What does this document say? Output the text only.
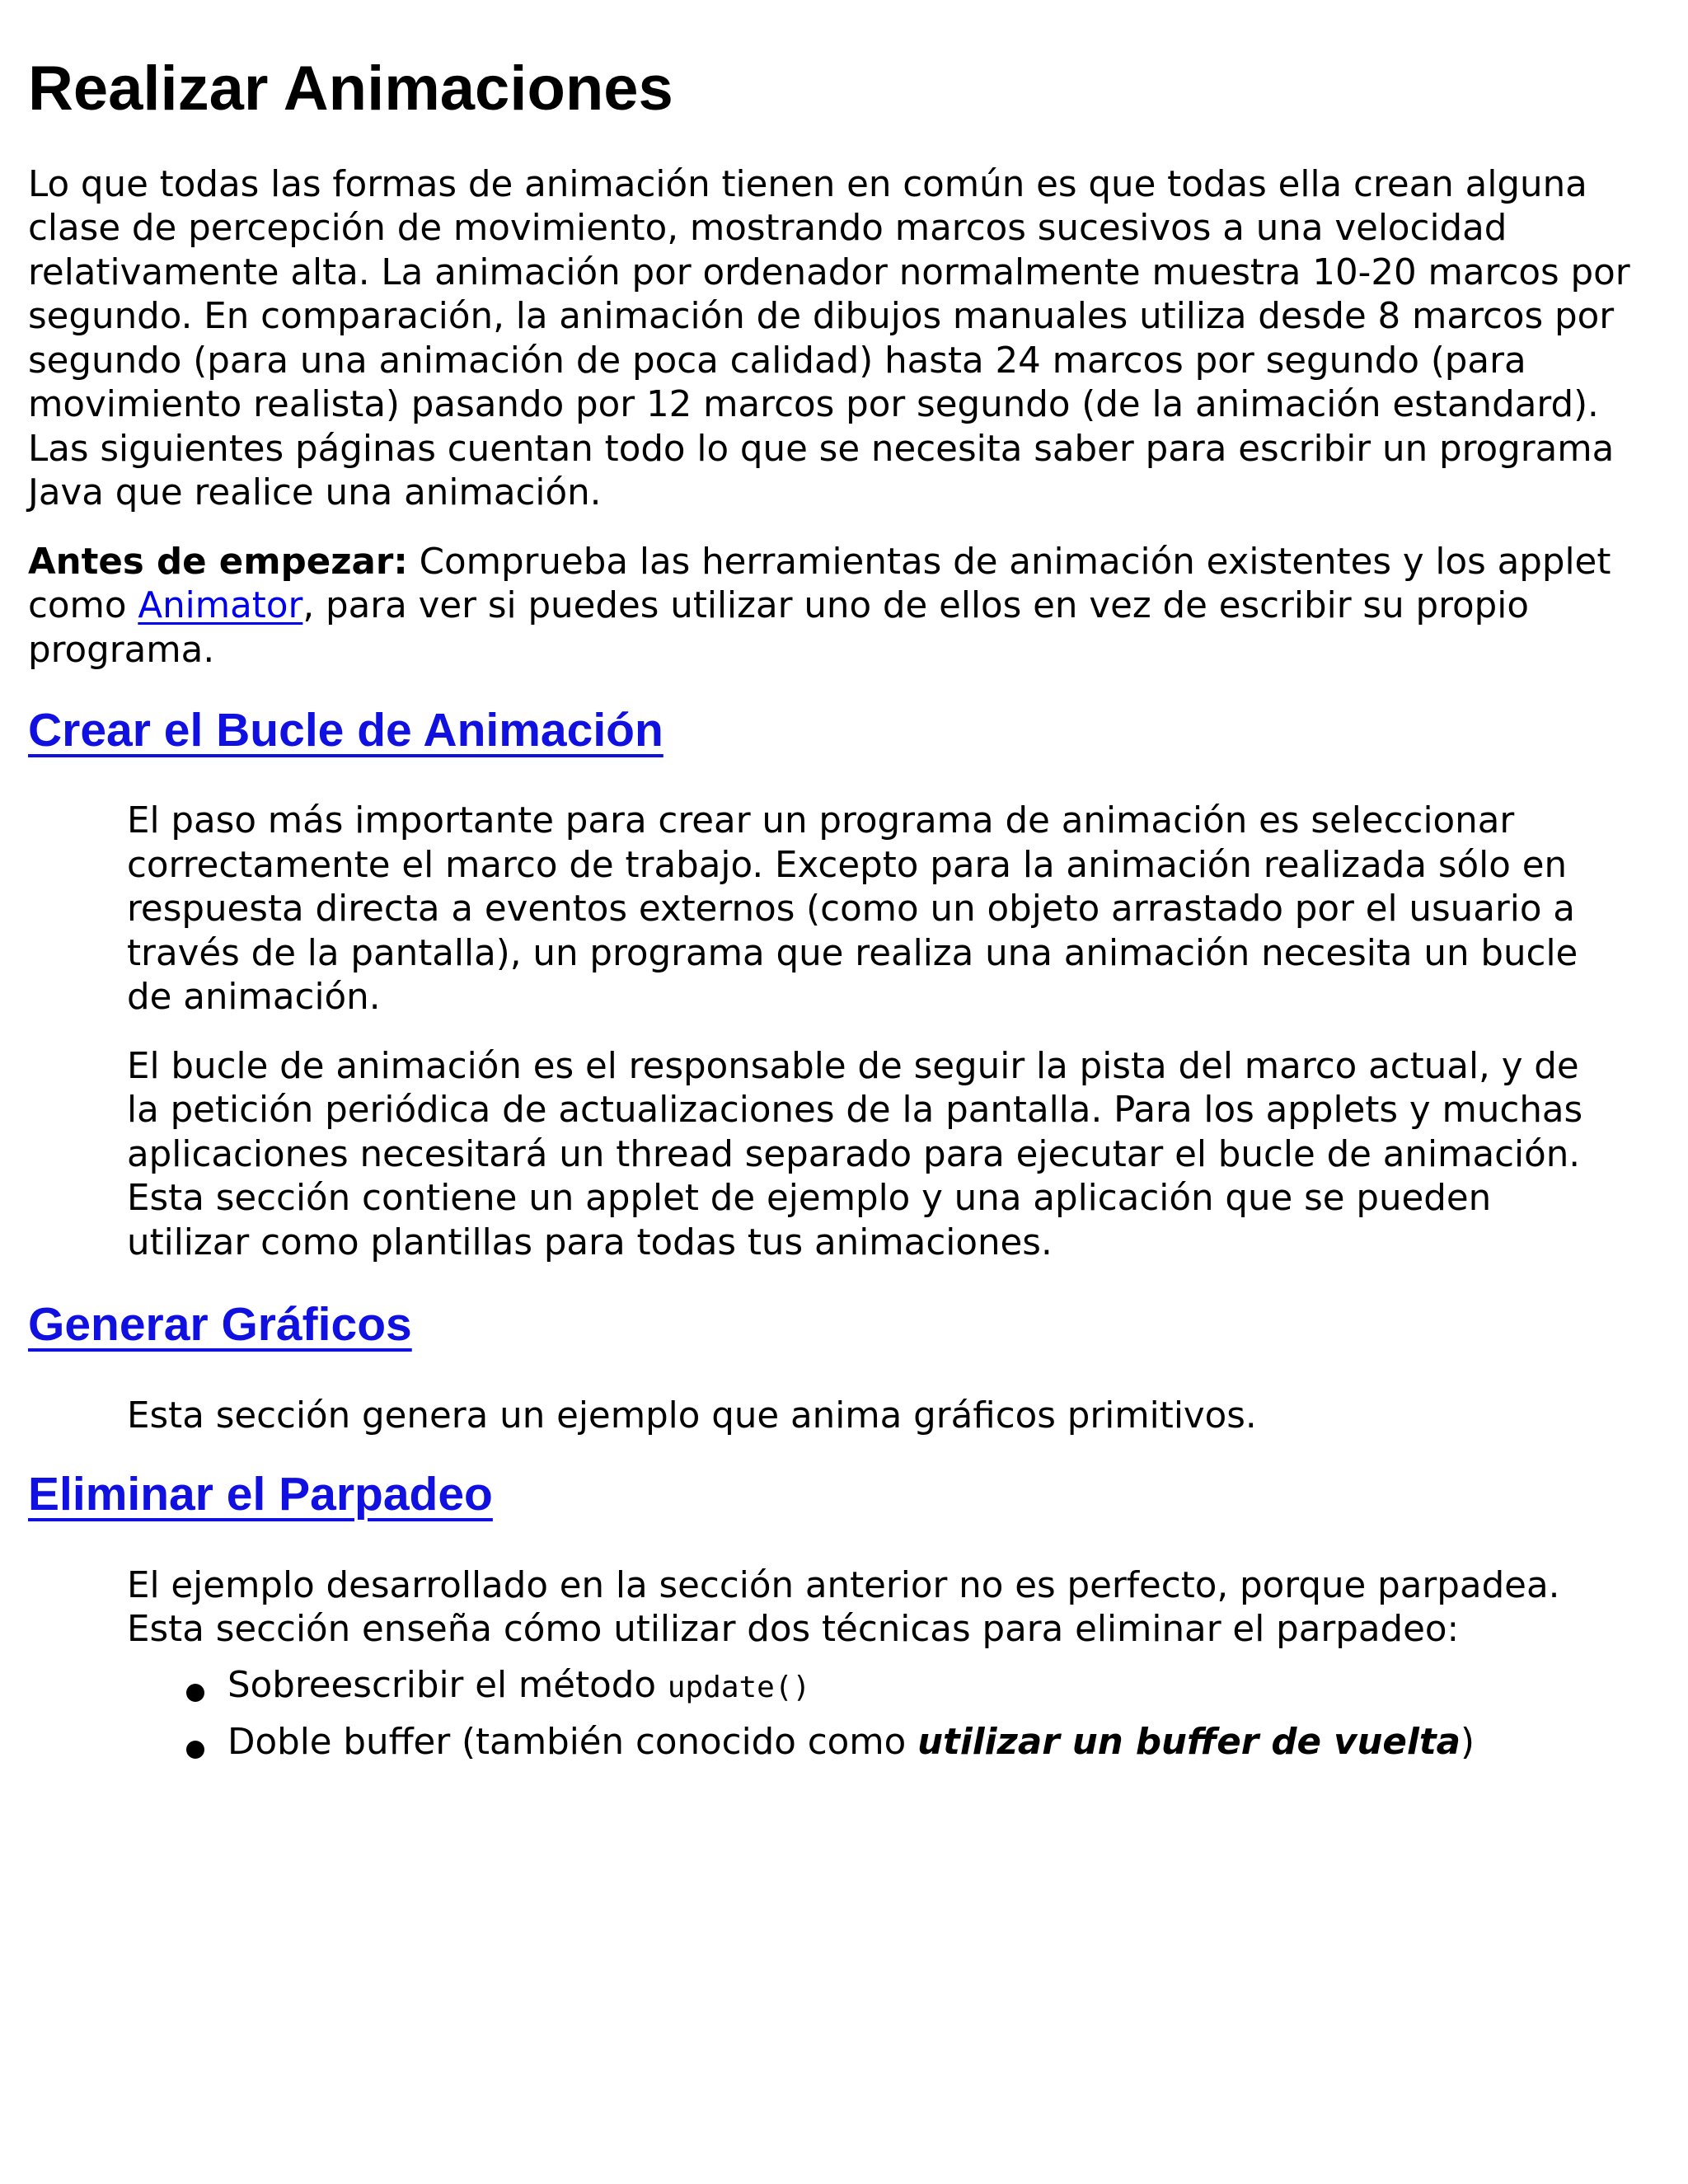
Realizar Animaciones

Lo que todas las formas de animación tienen en común es que todas ella crean alguna clase de percepción de movimiento, mostrando marcos sucesivos a una velocidad relativamente alta. La animación por ordenador normalmente muestra 10-20 marcos por segundo. En comparación, la animación de dibujos manuales utiliza desde 8 marcos por segundo (para una animación de poca calidad) hasta 24 marcos por segundo (para movimiento realista) pasando por 12 marcos por segundo (de la animación estandard). Las siguientes páginas cuentan todo lo que se necesita saber para escribir un programa Java que realice una animación.

Antes de empezar: Comprueba las herramientas de animación existentes y los applet como Animator, para ver si puedes utilizar uno de ellos en vez de escribir su propio programa.

Crear el Bucle de Animación

El paso más importante para crear un programa de animación es seleccionar correctamente el marco de trabajo. Excepto para la animación realizada sólo en respuesta directa a eventos externos (como un objeto arrastado por el usuario a través de la pantalla), un programa que realiza una animación necesita un bucle de animación.

El bucle de animación es el responsable de seguir la pista del marco actual, y de la petición periódica de actualizaciones de la pantalla. Para los applets y muchas aplicaciones necesitará un thread separado para ejecutar el bucle de animación. Esta sección contiene un applet de ejemplo y una aplicación que se pueden utilizar como plantillas para todas tus animaciones.

Generar Gráficos

Esta sección genera un ejemplo que anima gráficos primitivos.

Eliminar el Parpadeo

El ejemplo desarrollado en la sección anterior no es perfecto, porque parpadea. Esta sección enseña cómo utilizar dos técnicas para eliminar el parpadeo:

Sobreescribir el método update()
Doble buffer (también conocido como utilizar un buffer de vuelta)
